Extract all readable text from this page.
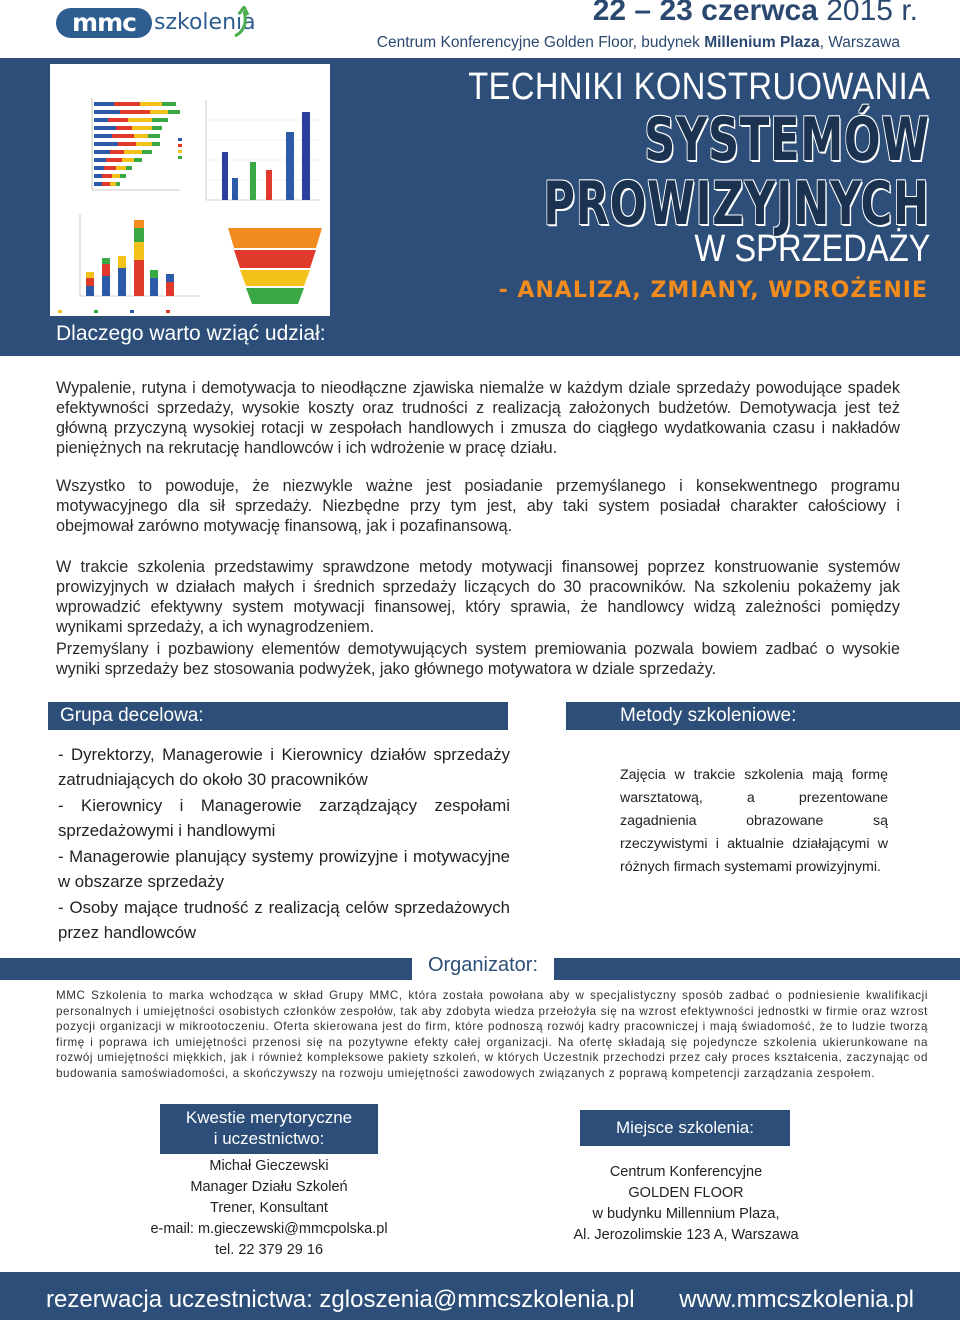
mmc szkolenia	22 – 23 czerwca 2015 r.
Centrum Konferencyjne Golden Floor, budynek Millenium Plaza, Warszawa
TECHNIKI KONSTRUOWANIA
SYSTEMÓW
PROWIZYJNYCH
W SPRZEDAŻY
- ANALIZA, ZMIANY, WDROŻENIE
Dlaczego warto wziąć udział:

Wypalenie, rutyna i demotywacja to nieodłączne zjawiska niemalże w każdym dziale sprzedaży powodujące spadek efektywności sprzedaży, wysokie koszty oraz trudności z realizacją założonych budżetów. Demotywacja jest też główną przyczyną wysokiej rotacji w zespołach handlowych i zmusza do ciągłego wydatkowania czasu i nakładów pieniężnych na rekrutację handlowców i ich wdrożenie w pracę działu.

Wszystko to powoduje, że niezwykle ważne jest posiadanie przemyślanego i konsekwentnego programu motywacyjnego dla sił sprzedaży. Niezbędne przy tym jest, aby taki system posiadał charakter całościowy i obejmował zarówno motywację finansową, jak i pozafinansową.

W trakcie szkolenia przedstawimy sprawdzone metody motywacji finansowej poprzez konstruowanie systemów prowizyjnych w działach małych i średnich sprzedaży liczących do 30 pracowników. Na szkoleniu pokażemy jak wprowadzić efektywny system motywacji finansowej, który sprawia, że handlowcy widzą zależności pomiędzy wynikami sprzedaży, a ich wynagrodzeniem.

Przemyślany i pozbawiony elementów demotywujących system premiowania pozwala bowiem zadbać o wysokie wyniki sprzedaży bez stosowania podwyżek, jako głównego motywatora w dziale sprzedaży.

Grupa decelowa:
- Dyrektorzy, Managerowie i Kierownicy działów sprzedaży zatrudniających do około 30 pracowników
- Kierownicy i Managerowie zarządzający zespołami sprzedażowymi i handlowymi
- Managerowie planujący systemy prowizyjne i motywacyjne w obszarze sprzedaży
- Osoby mające trudność z realizacją celów sprzedażowych przez handlowców
Metody szkoleniowe:

Zajęcia w trakcie szkolenia mają formę warsztatową, a prezentowane zagadnienia obrazowane są rzeczywistymi i aktualnie działającymi w różnych firmach systemami prowizyjnymi.

Organizator:

MMC Szkolenia to marka wchodząca w skład Grupy MMC, która została powołana aby w specjalistyczny sposób zadbać o podniesienie kwalifikacji personalnych i umiejętności osobistych członków zespołów, tak aby zdobyta wiedza przełożyła się na wzrost efektywności jednostki w firmie oraz wzrost pozycji organizacji w mikrootoczeniu. Oferta skierowana jest do firm, które podnoszą rozwój kadry pracowniczej i mają świadomość, że to ludzie tworzą firmę i poprawa ich umiejętności przenosi się na pozytywne efekty całej organizacji. Na ofertę składają się pojedyncze szkolenia ukierunkowane na rozwój umiejętności miękkich, jak i również kompleksowe pakiety szkoleń, w których Uczestnik przechodzi przez cały proces kształcenia, zaczynając od budowania samoświadomości, a skończywszy na rozwoju umiejętności zawodowych związanych z poprawą kompetencji zarządzania zespołem.

Kwestie merytoryczne
i uczestnictwo:
Michał Gieczewski
Manager Działu Szkoleń
Trener, Konsultant
e-mail: m.gieczewski@mmcpolska.pl
tel. 22 379 29 16
Miejsce szkolenia:
Centrum Konferencyjne
GOLDEN FLOOR
w budynku Millennium Plaza,
Al. Jerozolimskie 123 A, Warszawa
rezerwacja uczestnictwa: zgloszenia@mmcszkolenia.pl www.mmcszkolenia.pl
